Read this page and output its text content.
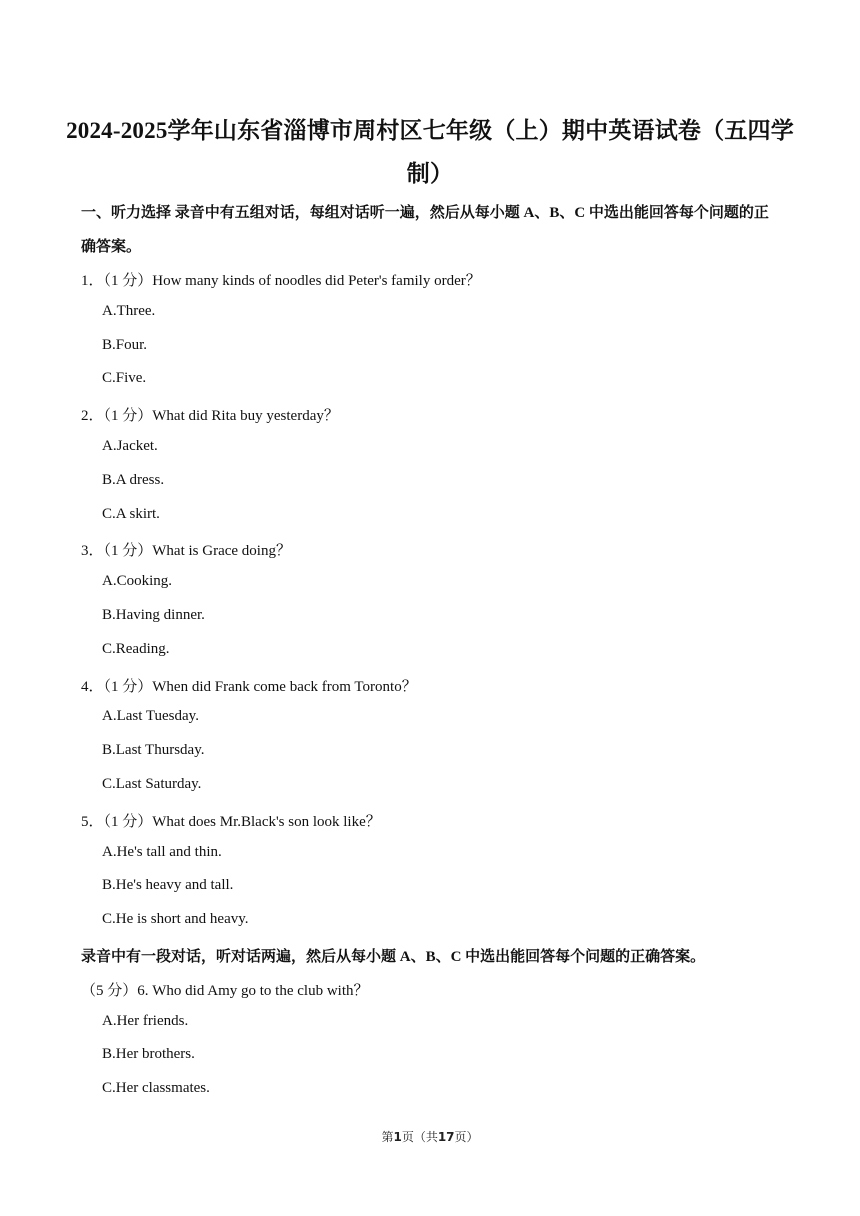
2024-2025学年山东省淄博市周村区七年级（上）期中英语试卷（五四学
制）
一、听力选择 录音中有五组对话，每组对话听一遍，然后从每小题 A、B、C 中选出能回答每个问题的正
确答案。
1．（1 分）How many kinds of noodles did Peter's family order？
A.Three.
B.Four.
C.Five.
2．（1 分）What did Rita buy yesterday？
A.Jacket.
B.A dress.
C.A skirt.
3．（1 分）What is Grace doing？
A.Cooking.
B.Having dinner.
C.Reading.
4．（1 分）When did Frank come back from Toronto？
A.Last Tuesday.
B.Last Thursday.
C.Last Saturday.
5．（1 分）What does Mr.Black's son look like？
A.He's tall and thin.
B.He's heavy and tall.
C.He is short and heavy.
录音中有一段对话，听对话两遍，然后从每小题 A、B、C 中选出能回答每个问题的正确答案。
（5 分）6. Who did Amy go to the club with？
A.Her friends.
B.Her brothers.
C.Her classmates.
第1页（共17页）
